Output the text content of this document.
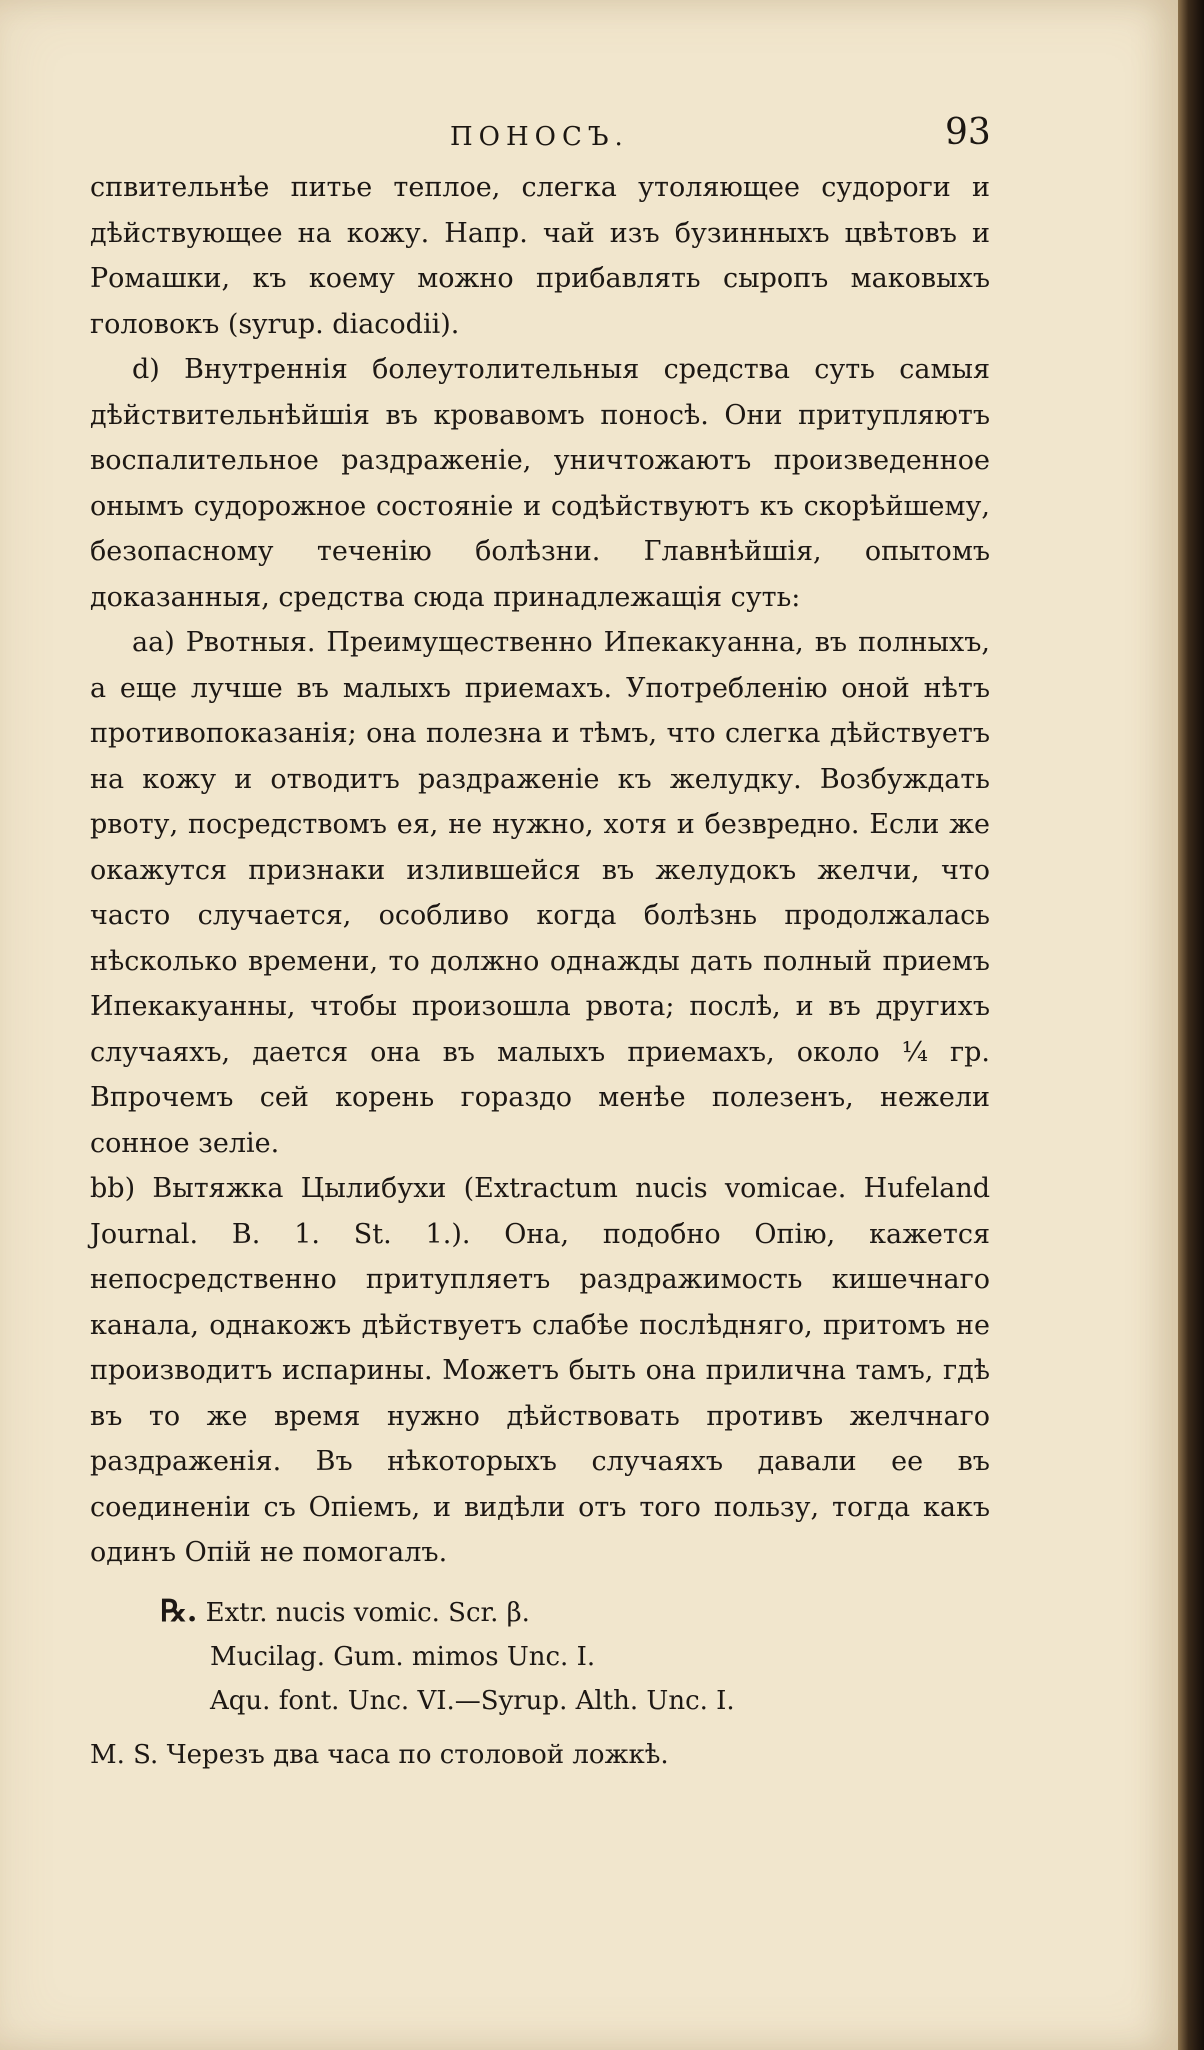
ПОНОСЪ.	93

спвительнѣе питье теплое, слегка утоляющее судороги и дѣйствующее на кожу. Напр. чай изъ бузинныхъ цвѣтовъ и Ромашки, къ коему можно прибавлять сыропъ маковыхъ головокъ (syrup. diacodii).

d) Внутреннія болеутолительныя средства суть самыя дѣйствительнѣйшія въ кровавомъ поносѣ. Они притупляютъ воспалительное раздраженіе, уничтожаютъ произведенное онымъ судорожное состояніе и содѣйствуютъ къ скорѣйшему, безопасному теченію болѣзни. Главнѣйшія, опытомъ доказанныя, средства сюда принадлежащія суть:

aa) Рвотныя. Преимущественно Ипекакуанна, въ полныхъ, а еще лучше въ малыхъ приемахъ. Употребленію оной нѣтъ противопоказанія; она полезна и тѣмъ, что слегка дѣйствуетъ на кожу и отводитъ раздраженіе къ желудку. Возбуждать рвоту, посредствомъ ея, не нужно, хотя и безвредно. Если же окажутся признаки излившейся въ желудокъ желчи, что часто случается, особливо когда болѣзнь продолжалась нѣсколько времени, то должно однажды дать полный приемъ Ипекакуанны, чтобы произошла рвота; послѣ, и въ другихъ случаяхъ, дается она въ малыхъ приемахъ, около ¼ гр. Впрочемъ сей корень гораздо менѣе полезенъ, нежели сонное зеліе.

bb) Вытяжка Цылибухи (Extractum nucis vomicae. Hufeland Journal. B. 1. St. 1.). Она, подобно Опію, кажется непосредственно притупляетъ раздражимость кишечнаго канала, однакожъ дѣйствуетъ слабѣе послѣдняго, притомъ не производитъ испарины. Можетъ быть она прилична тамъ, гдѣ въ то же время нужно дѣйствовать противъ желчнаго раздраженія. Въ нѣкоторыхъ случаяхъ давали ее въ соединеніи съ Опіемъ, и видѣли отъ того пользу, тогда какъ одинъ Опій не помогалъ.

℞. Extr. nucis vomic. Scr. β.
Mucilag. Gum. mimos Unc. I.
Aqu. font. Unc. VI.—Syrup. Alth. Unc. I.
M. S. Черезъ два часа по столовой ложкѣ.
